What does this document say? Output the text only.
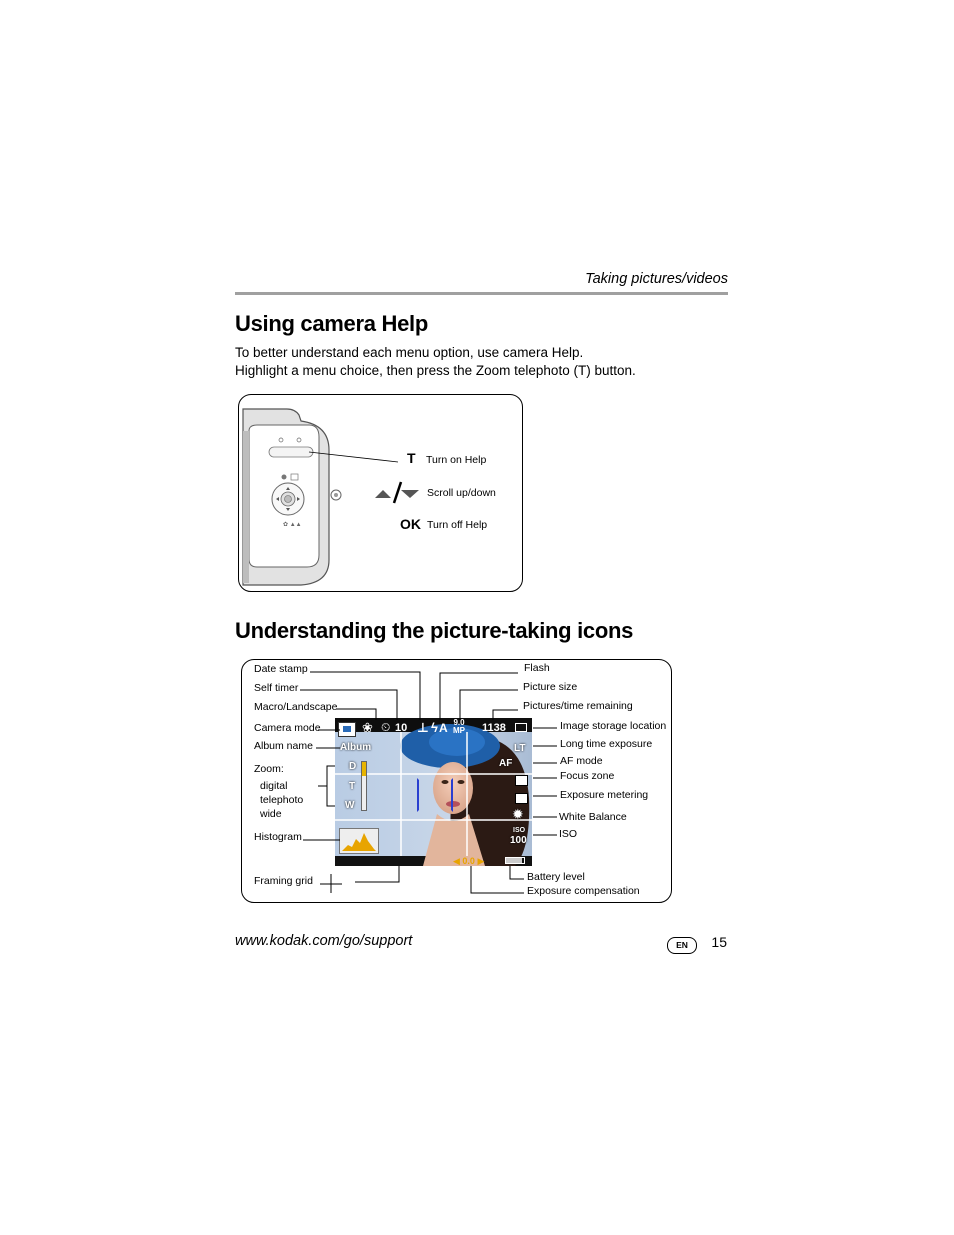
Taking pictures/videos
Using camera Help
To better understand each menu option, use camera Help.
Highlight a menu choice, then press the Zoom telephoto (T) button.
✿ ▲▲
T Turn on Help
Scroll up/down
OK Turn off Help
Understanding the picture-taking icons
❀ ⏲ 10 ⊥ ϟ A 9.0
MP 1138
Album
D
T
W
LT
AF
✹
ISO
100
◀ 0.0 ▶
Date stamp
Self timer
Macro/Landscape
Camera mode
Album name
Zoom:
digital
telephoto
wide
Histogram
Framing grid
Flash
Picture size
Pictures/time remaining
Image storage location
Long time exposure
AF mode
Focus zone
Exposure metering
White Balance
ISO
Battery level
Exposure compensation
www.kodak.com/go/support	EN	15
